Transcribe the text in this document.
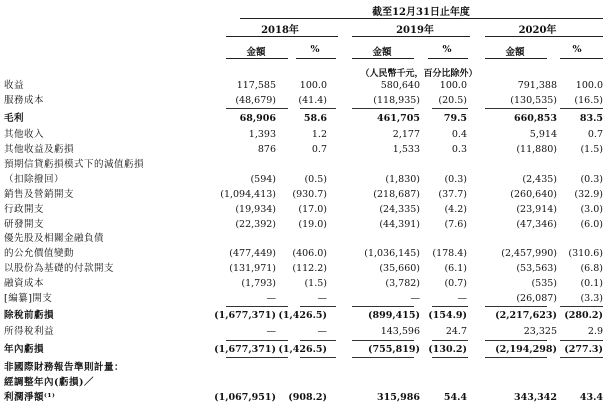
截至12月31日止年度
2018年	2019年	2020年
金額	%	金額	%	金額	%
（人民幣千元，百分比除外）
收益	117,585	100.0	580,640 100.0	791,388 100.0
服務成本	(48,679) (41.4)	(118,935) (20.5)	(130,535) (16.5)
毛利	68,906	58.6	461,705	79.5	660,853 83.5
其他收入	1,393	1.2	2,177	0.4	5,914	0.7
其他收益及虧損	876	0.7	1,533	0.3	(11,880) (1.5)
預期信貸虧損模式下的減值虧損
（扣除撥回）	(594)	(0.5)	(1,830)	(0.3)	(2,435) (0.3)
銷售及營銷開支	(1,094,413) (930.7)	(218,687) (37.7)	(260,640) (32.9)
行政開支	(19,934) (17.0)	(24,335)	(4.2)	(23,914) (3.0)
研發開支	(22,392) (19.0)	(44,391)	(7.6)	(47,346) (6.0)
優先股及相關金融負債
的公允價值變動	(477,449) (406.0)	(1,036,145) (178.4)	(2,457,990) (310.6)
以股份為基礎的付款開支	(131,971) (112.2)	(35,660)	(6.1)	(53,563) (6.8)
融資成本	(1,793)	(1.5)	(3,782)	(0.7)	(535) (0.1)
[編纂]開支	—	—	—	—	(26,087) (3.3)
除稅前虧損	(1,677,371) (1,426.5)	(899,415) (154.9)	(2,217,623) (280.2)
所得稅利益	—	—	143,596	24.7	23,325	2.9
年內虧損	(1,677,371) (1,426.5)	(755,819) (130.2)	(2,194,298) (277.3)
非國際財務報告準則計量：
經調整年內(虧損)／
利潤淨額⁽¹⁾	(1,067,951) (908.2)	315,986	54.4	343,342 43.4
